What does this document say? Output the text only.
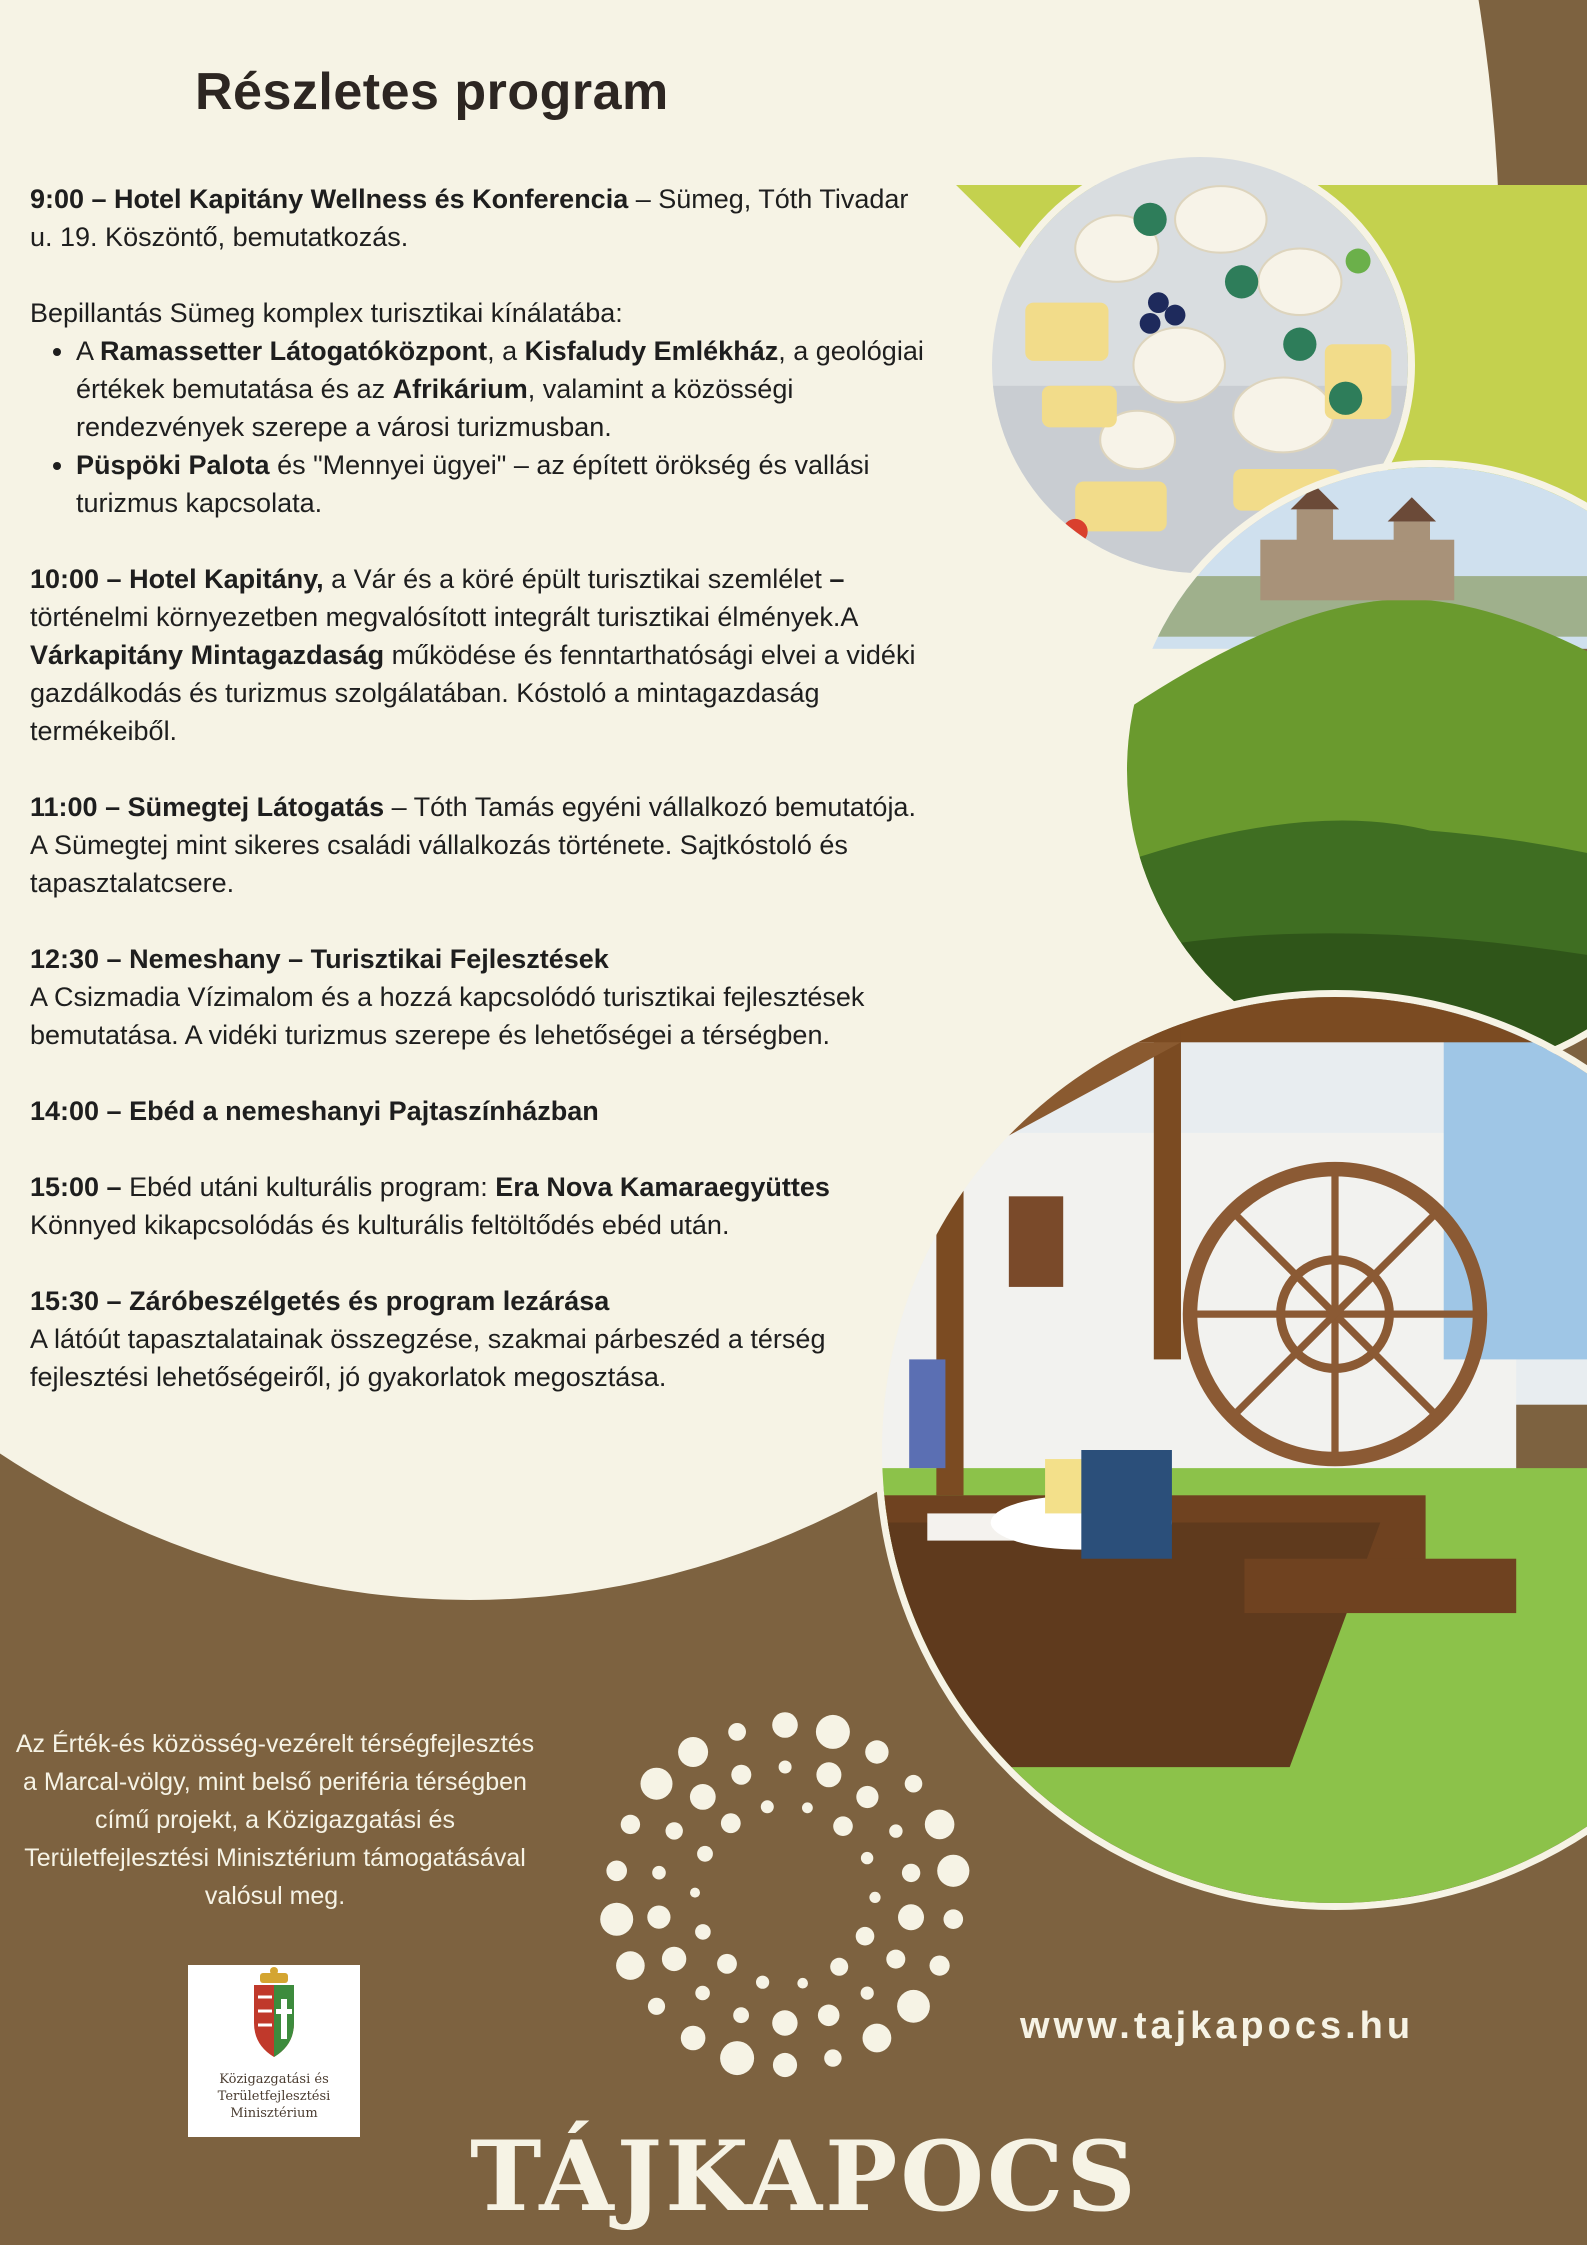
Részletes program

9:00 – Hotel Kapitány Wellness és Konferencia – Sümeg, Tóth Tivadar u. 19. Köszöntő, bemutatkozás.

Bepillantás Sümeg komplex turisztikai kínálatába:
• A Ramassetter Látogatóközpont, a Kisfaludy Emlékház, a geológiai értékek bemutatása és az Afrikárium, valamint a közösségi rendezvények szerepe a városi turizmusban.
• Püspöki Palota és "Mennyei ügyei" – az épített örökség és vallási turizmus kapcsolata.

10:00 – Hotel Kapitány, a Vár és a köré épült turisztikai szemlélet – történelmi környezetben megvalósított integrált turisztikai élmények.A Várkapitány Mintagazdaság működése és fenntarthatósági elvei a vidéki gazdálkodás és turizmus szolgálatában. Kóstoló a mintagazdaság termékeiből.

11:00 – Sümegtej Látogatás – Tóth Tamás egyéni vállalkozó bemutatója. A Sümegtej mint sikeres családi vállalkozás története. Sajtkóstoló és tapasztalatcsere.

12:30 – Nemeshany – Turisztikai Fejlesztések
A Csizmadia Vízimalom és a hozzá kapcsolódó turisztikai fejlesztések bemutatása. A vidéki turizmus szerepe és lehetőségei a térségben.

14:00 – Ebéd a nemeshanyi Pajtaszínházban

15:00 – Ebéd utáni kulturális program: Era Nova Kamaraegyüttes
Könnyed kikapcsolódás és kulturális feltöltődés ebéd után.

15:30 – Záróbeszélgetés és program lezárása
A látóút tapasztalatainak összegzése, szakmai párbeszéd a térség fejlesztési lehetőségeiről, jó gyakorlatok megosztása.

Az Érték-és közösség-vezérelt térségfejlesztés a Marcal-völgy, mint belső periféria térségben című projekt, a Közigazgatási és Területfejlesztési Minisztérium támogatásával valósul meg.
Közigazgatási és Területfejlesztési Minisztérium
www.tajkapocs.hu
TÁJKAPOCS
